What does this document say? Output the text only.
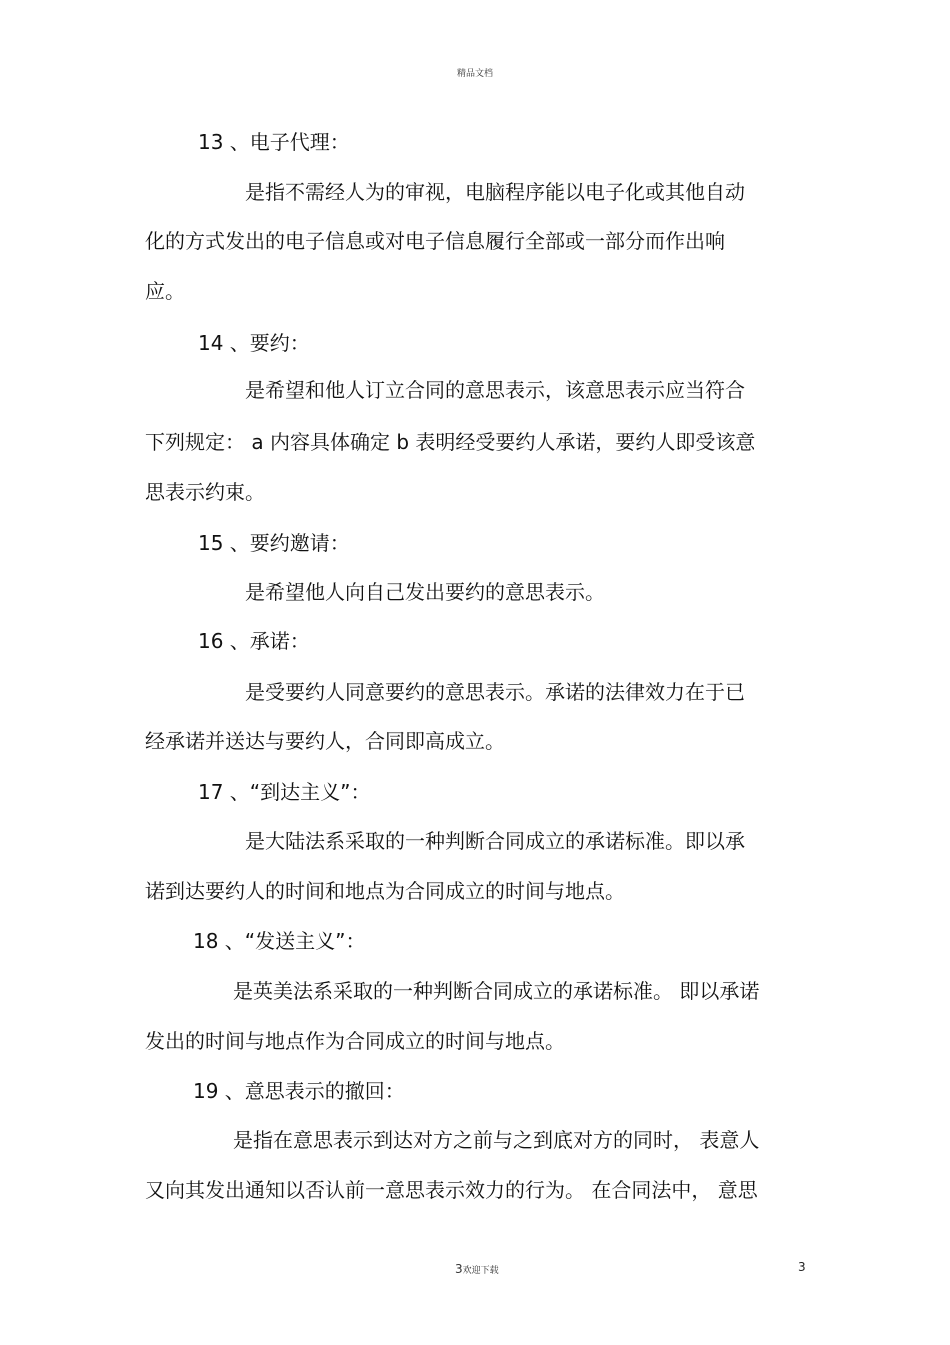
精品文档
13 、电子代理：
是指不需经人为的审视，电脑程序能以电子化或其他自动
化的方式发出的电子信息或对电子信息履行全部或一部分而作出响
应。
14 、要约：
是希望和他人订立合同的意思表示，该意思表示应当符合
下列规定： a 内容具体确定 b 表明经受要约人承诺，要约人即受该意
思表示约束。
15 、要约邀请：
是希望他人向自己发出要约的意思表示。
16 、承诺：
是受要约人同意要约的意思表示。承诺的法律效力在于已
经承诺并送达与要约人，合同即高成立。
17 、“到达主义”：
是大陆法系采取的一种判断合同成立的承诺标准。即以承
诺到达要约人的时间和地点为合同成立的时间与地点。
18 、“发送主义”：
是英美法系采取的一种判断合同成立的承诺标准。 即以承诺
发出的时间与地点作为合同成立的时间与地点。
19 、意思表示的撤回：
是指在意思表示到达对方之前与之到底对方的同时， 表意人
又向其发出通知以否认前一意思表示效力的行为。 在合同法中， 意思
3欢迎下载	3
